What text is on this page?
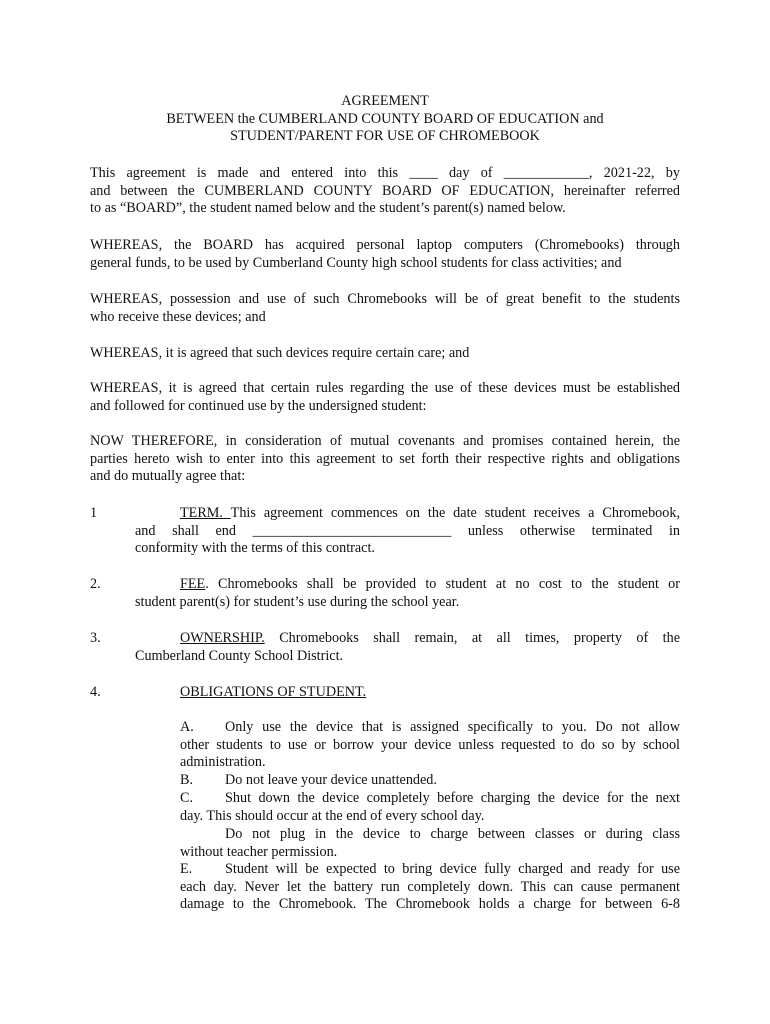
AGREEMENT
BETWEEN the CUMBERLAND COUNTY BOARD OF EDUCATION and
STUDENT/PARENT FOR USE OF CHROMEBOOK
This agreement is made and entered into this ____ day of ____________, 2021-22, by
and between the CUMBERLAND COUNTY BOARD OF EDUCATION, hereinafter referred
to as “BOARD”, the student named below and the student’s parent(s) named below.
WHEREAS, the BOARD has acquired personal laptop computers (Chromebooks) through
general funds, to be used by Cumberland County high school students for class activities; and
WHEREAS, possession and use of such Chromebooks will be of great benefit to the students
who receive these devices; and
WHEREAS, it is agreed that such devices require certain care; and
WHEREAS, it is agreed that certain rules regarding the use of these devices must be established
and followed for continued use by the undersigned student:
NOW THEREFORE, in consideration of mutual covenants and promises contained herein, the
parties hereto wish to enter into this agreement to set forth their respective rights and obligations
and do mutually agree that:
1	TERM. This agreement commences on the date student receives a Chromebook,
and shall end ____________________________ unless otherwise terminated in
conformity with the terms of this contract.
2.	FEE. Chromebooks shall be provided to student at no cost to the student or
student parent(s) for student’s use during the school year.
3.	OWNERSHIP. Chromebooks shall remain, at all times, property of the
Cumberland County School District.
4.	OBLIGATIONS OF STUDENT.
A. Only use the device that is assigned specifically to you. Do not allow
other students to use or borrow your device unless requested to do so by school
administration.
B. Do not leave your device unattended.
C. Shut down the device completely before charging the device for the next
day. This should occur at the end of every school day.
Do not plug in the device to charge between classes or during class
without teacher permission.
E. Student will be expected to bring device fully charged and ready for use
each day. Never let the battery run completely down. This can cause permanent
damage to the Chromebook. The Chromebook holds a charge for between 6-8
